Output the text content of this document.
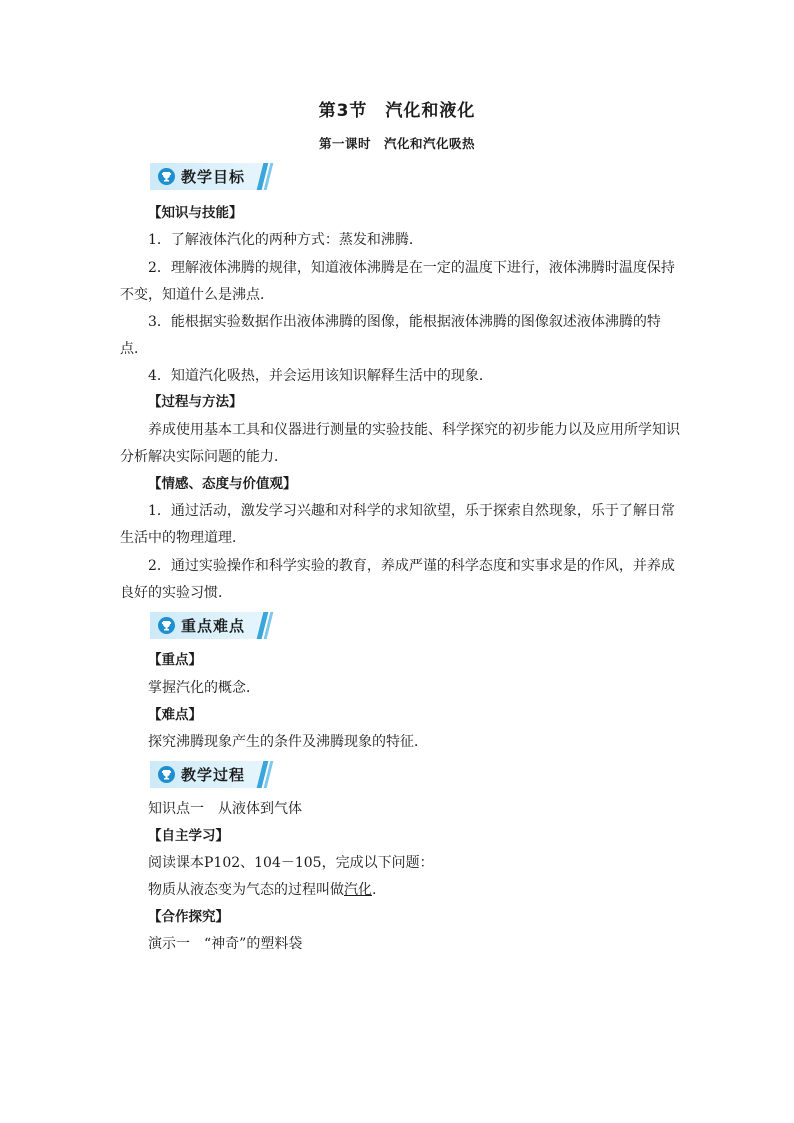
第3节　汽化和液化
第一课时　汽化和汽化吸热
教学目标
【知识与技能】
1．了解液体汽化的两种方式：蒸发和沸腾．
2．理解液体沸腾的规律，知道液体沸腾是在一定的温度下进行，液体沸腾时温度保持
不变，知道什么是沸点．
3．能根据实验数据作出液体沸腾的图像，能根据液体沸腾的图像叙述液体沸腾的特
点．
4．知道汽化吸热，并会运用该知识解释生活中的现象．
【过程与方法】
养成使用基本工具和仪器进行测量的实验技能、科学探究的初步能力以及应用所学知识
分析解决实际问题的能力．
【情感、态度与价值观】
1．通过活动，激发学习兴趣和对科学的求知欲望，乐于探索自然现象，乐于了解日常
生活中的物理道理．
2．通过实验操作和科学实验的教育，养成严谨的科学态度和实事求是的作风，并养成
良好的实验习惯．
重点难点
【重点】
掌握汽化的概念．
【难点】
探究沸腾现象产生的条件及沸腾现象的特征．
教学过程
知识点一　从液体到气体
【自主学习】
阅读课本P102、104－105，完成以下问题：
物质从液态变为气态的过程叫做汽化.
【合作探究】
演示一　“神奇”的塑料袋
